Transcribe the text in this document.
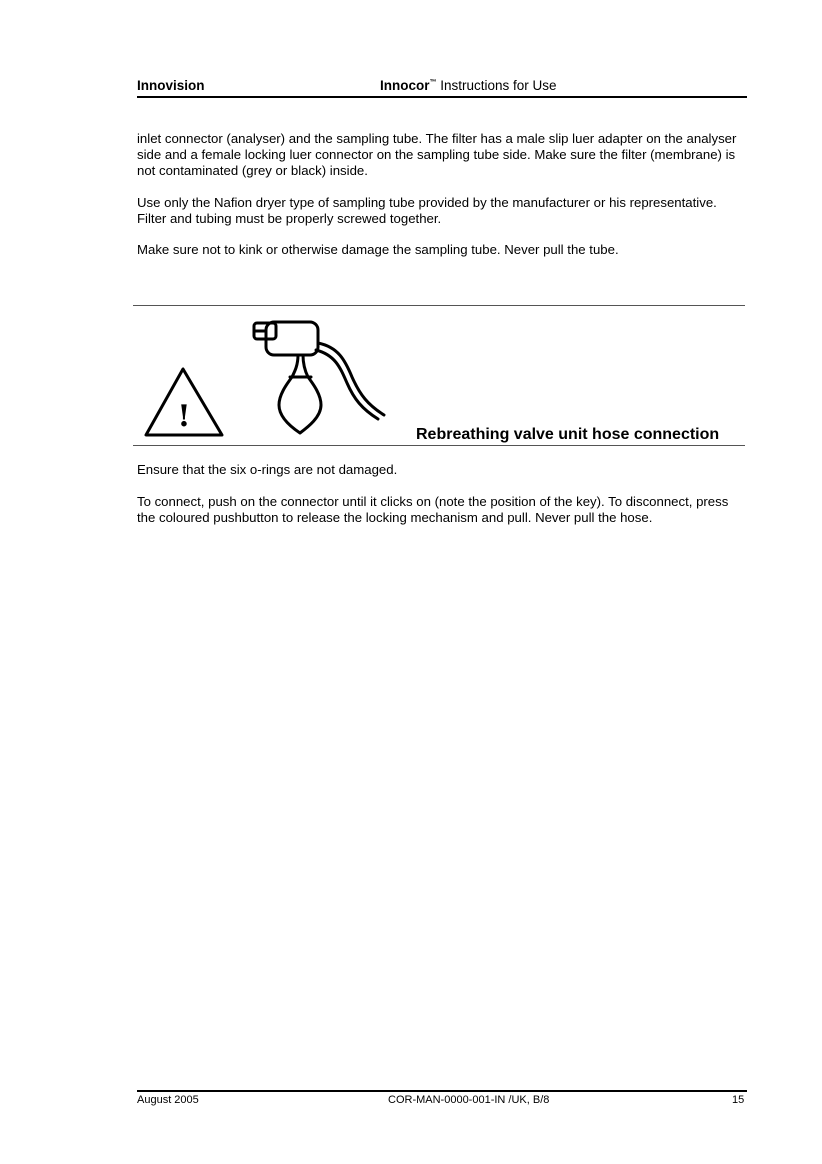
Innovision	Innocor™ Instructions for Use

inlet connector (analyser) and the sampling tube. The filter has a male slip luer adapter on the analyser side and a female locking luer connector on the sampling tube side. Make sure the filter (membrane) is not contaminated (grey or black) inside.

Use only the Nafion dryer type of sampling tube provided by the manufacturer or his representative. Filter and tubing must be properly screwed together.

Make sure not to kink or otherwise damage the sampling tube. Never pull the tube.

!
Rebreathing valve unit hose connection

Ensure that the six o-rings are not damaged.

To connect, push on the connector until it clicks on (note the position of the key). To disconnect, press the coloured pushbutton to release the locking mechanism and pull. Never pull the hose.

August 2005	COR-MAN-0000-001-IN /UK, B/8	15
